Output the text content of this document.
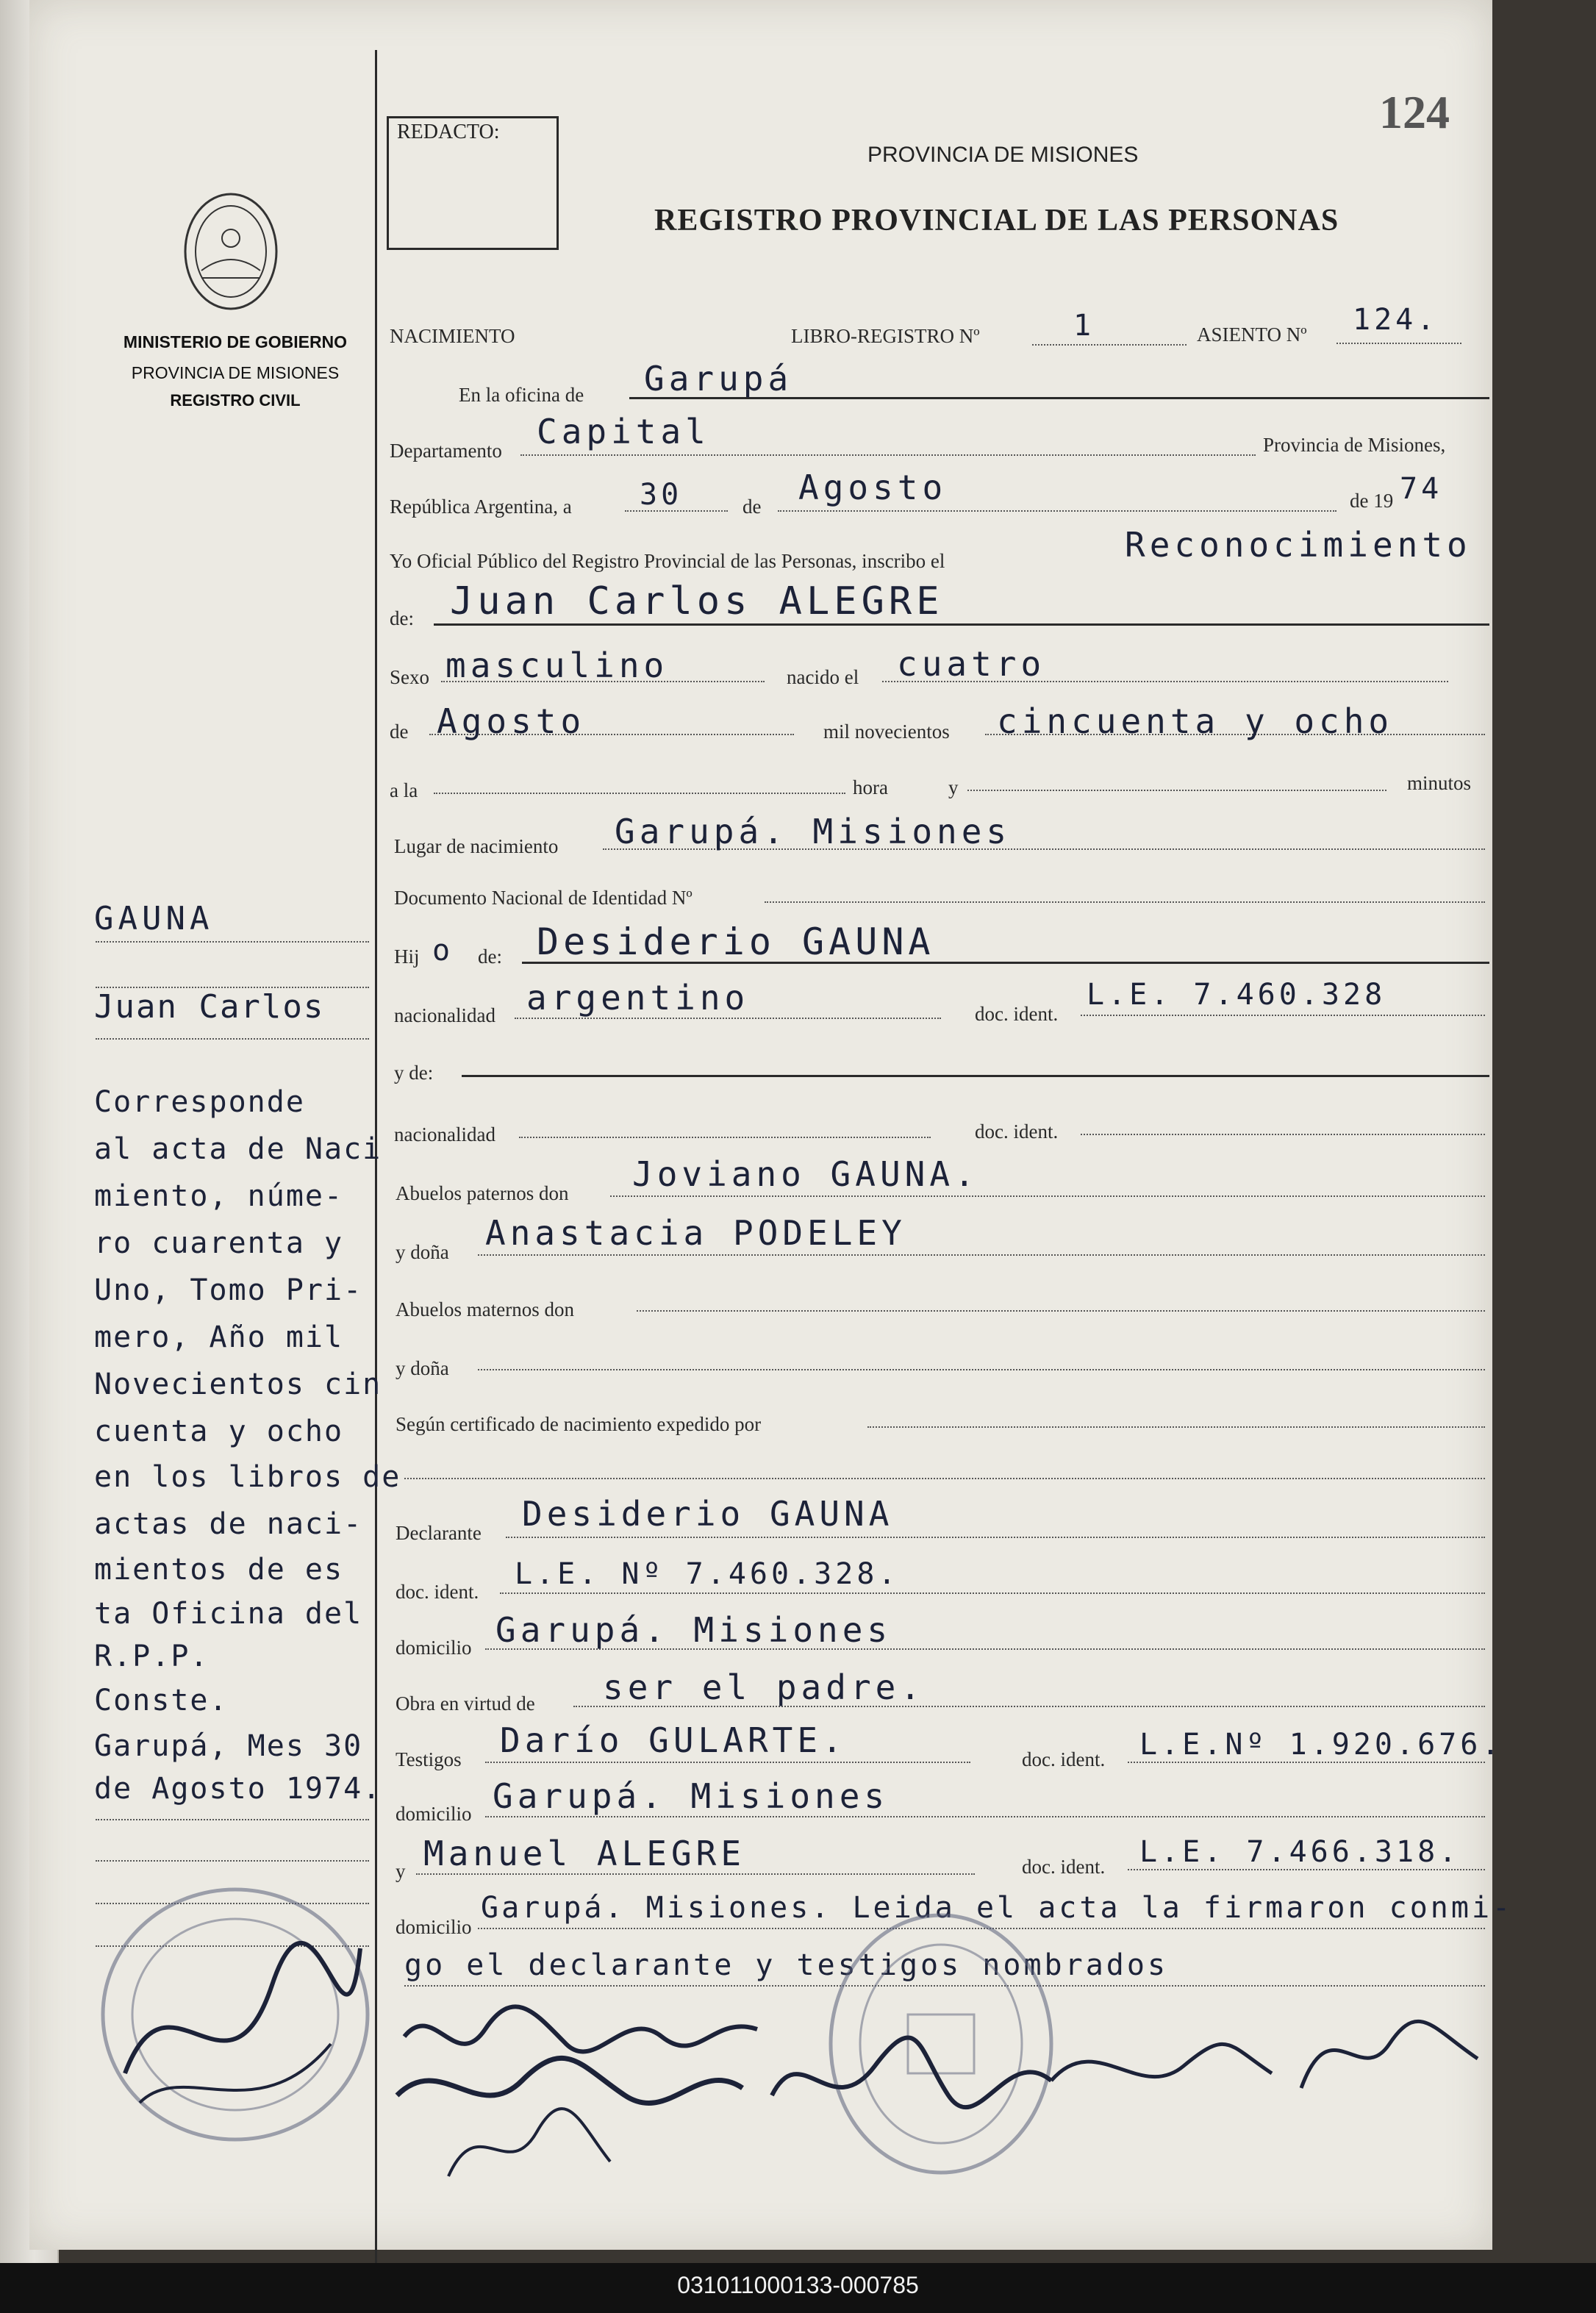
REDACTO:	124
PROVINCIA DE MISIONES
REGISTRO PROVINCIAL DE LAS PERSONAS
MINISTERIO DE GOBIERNO
PROVINCIA DE MISIONES
REGISTRO CIVIL
NACIMIENTO	LIBRO-REGISTRO Nº	1	ASIENTO Nº 124.
En la oficina de Garupá
Departamento Capital	Provincia de Misiones,
República Argentina, a 30	de Agosto	de 19 74
Yo Oficial Público del Registro Provincial de las Personas, inscribo el	Reconocimiento
de: Juan Carlos ALEGRE
Sexo masculino	nacido el cuatro
de Agosto	mil novecientos cincuenta y ocho
a la	hora	y	minutos
Lugar de nacimiento Garupá. Misiones
Documento Nacional de Identidad Nº
Hij o de: Desiderio GAUNA
nacionalidad argentino	doc. ident.
L.E. 7.460.328
y de:
nacionalidad	doc. ident.
Abuelos paternos don Joviano GAUNA.
y doña Anastacia PODELEY
Abuelos maternos don
y doña
Según certificado de nacimiento expedido por
Declarante Desiderio GAUNA
doc. ident.
L.E. Nº 7.460.328.
domicilio Garupá. Misiones
Obra en virtud de ser el padre.
Testigos Darío GULARTE.	doc. ident. L.E.Nº 1.920.676.
domicilio Garupá. Misiones
y Manuel ALEGRE	doc. ident. L.E. 7.466.318.
domicilio
Garupá. Misiones. Leida el acta la firmaron conmi-
go el declarante y testigos nombrados
GAUNA
Juan Carlos
Corresponde
al acta de Naci
miento, núme-
ro cuarenta y
Uno, Tomo Pri-
mero, Año mil
Novecientos cin
cuenta y ocho
en los libros de
actas de naci-
mientos de es
ta Oficina del
R.P.P.
Conste.
Garupá, Mes 30
de Agosto 1974.
031011000133-000785
